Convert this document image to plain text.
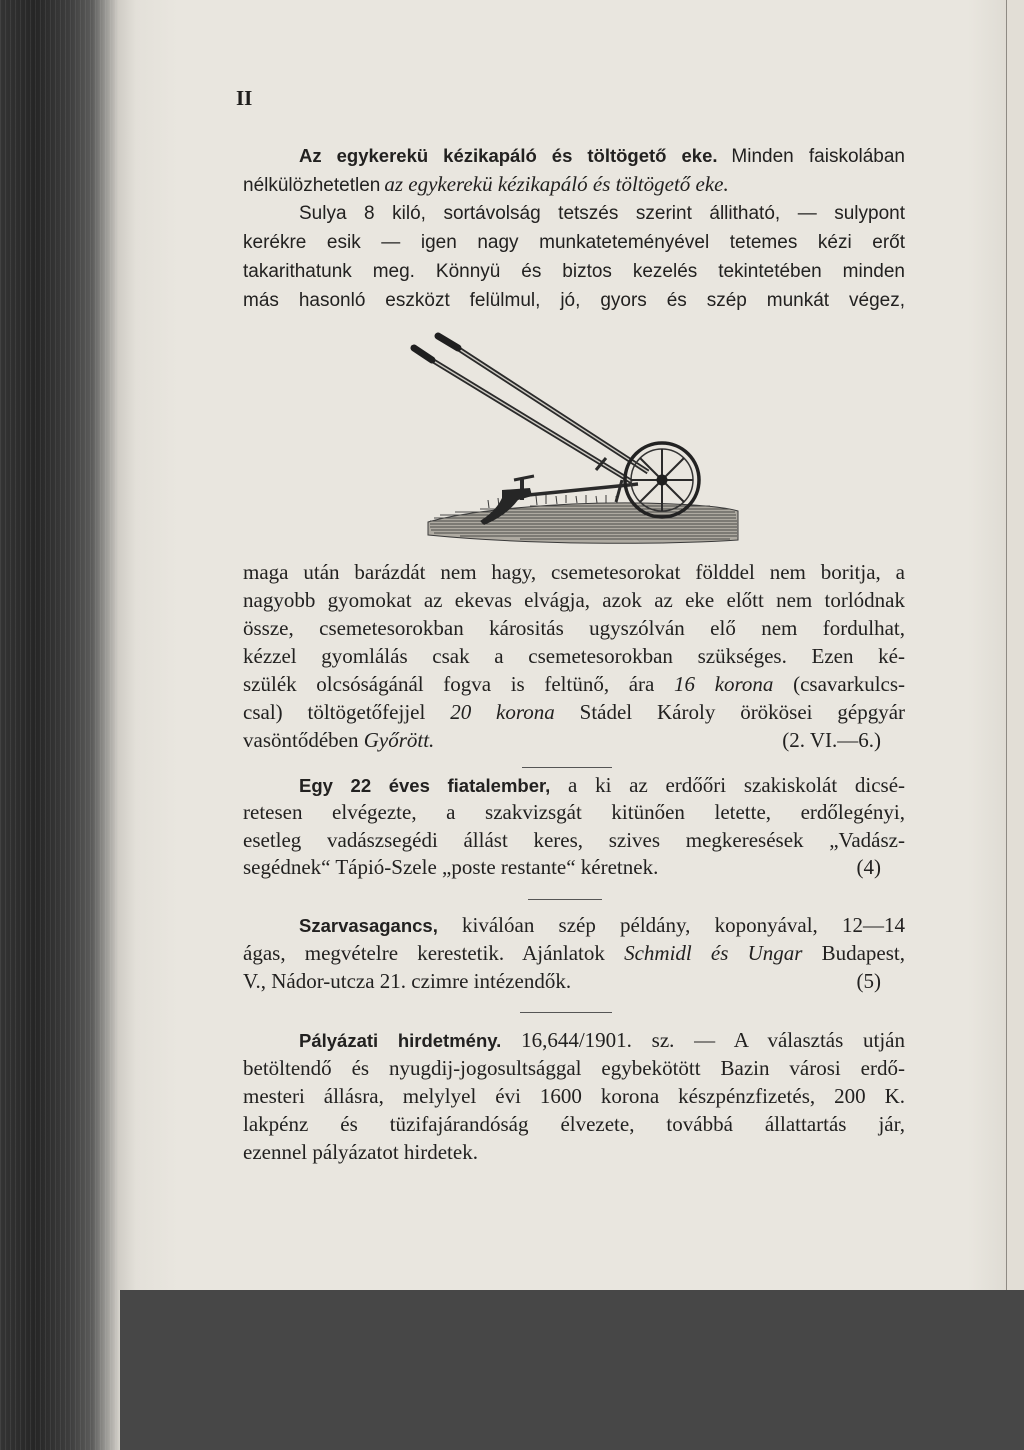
II
Az egykerekü kézikapáló és töltögető eke. Minden faiskolában
nélkülözhetetlen az egykerekü kézikapáló és töltögető eke.
Sulya 8 kiló, sortávolság tetszés szerint állitható, — sulypont
kerékre esik — igen nagy munkateteményével tetemes kézi erőt
takarithatunk meg. Könnyü és biztos kezelés tekintetében minden
más hasonló eszközt felülmul, jó, gyors és szép munkát végez,
maga után barázdát nem hagy, csemetesorokat földdel nem boritja, a
nagyobb gyomokat az ekevas elvágja, azok az eke előtt nem torlódnak
össze, csemetesorokban kárositás ugyszólván elő nem fordulhat,
kézzel gyomlálás csak a csemetesorokban szükséges. Ezen ké-
szülék olcsóságánál fogva is feltünő, ára 16 korona (csavarkulcs-
csal) töltögetőfejjel 20 korona Stádel Károly örökösei gépgyár
vasöntődében Győrött.	(2. VI.—6.)
Egy 22 éves fiatalember, a ki az erdőőri szakiskolát dicsé-
retesen elvégezte, a szakvizsgát kitünően letette, erdőlegényi,
esetleg vadászsegédi állást keres, szives megkeresések „Vadász-
segédnek“ Tápió-Szele „poste restante“ kéretnek.	(4)
Szarvasagancs, kiválóan szép példány, koponyával, 12—14
ágas, megvételre kerestetik. Ajánlatok Schmidl és Ungar Budapest,
V., Nádor-utcza 21. czimre intézendők.	(5)
Pályázati hirdetmény. 16,644/1901. sz. — A választás utján
betöltendő és nyugdij-jogosultsággal egybekötött Bazin városi erdő-
mesteri állásra, melylyel évi 1600 korona készpénzfizetés, 200 K.
lakpénz és tüzifajárandóság élvezete, továbbá állattartás jár,
ezennel pályázatot hirdetek.
